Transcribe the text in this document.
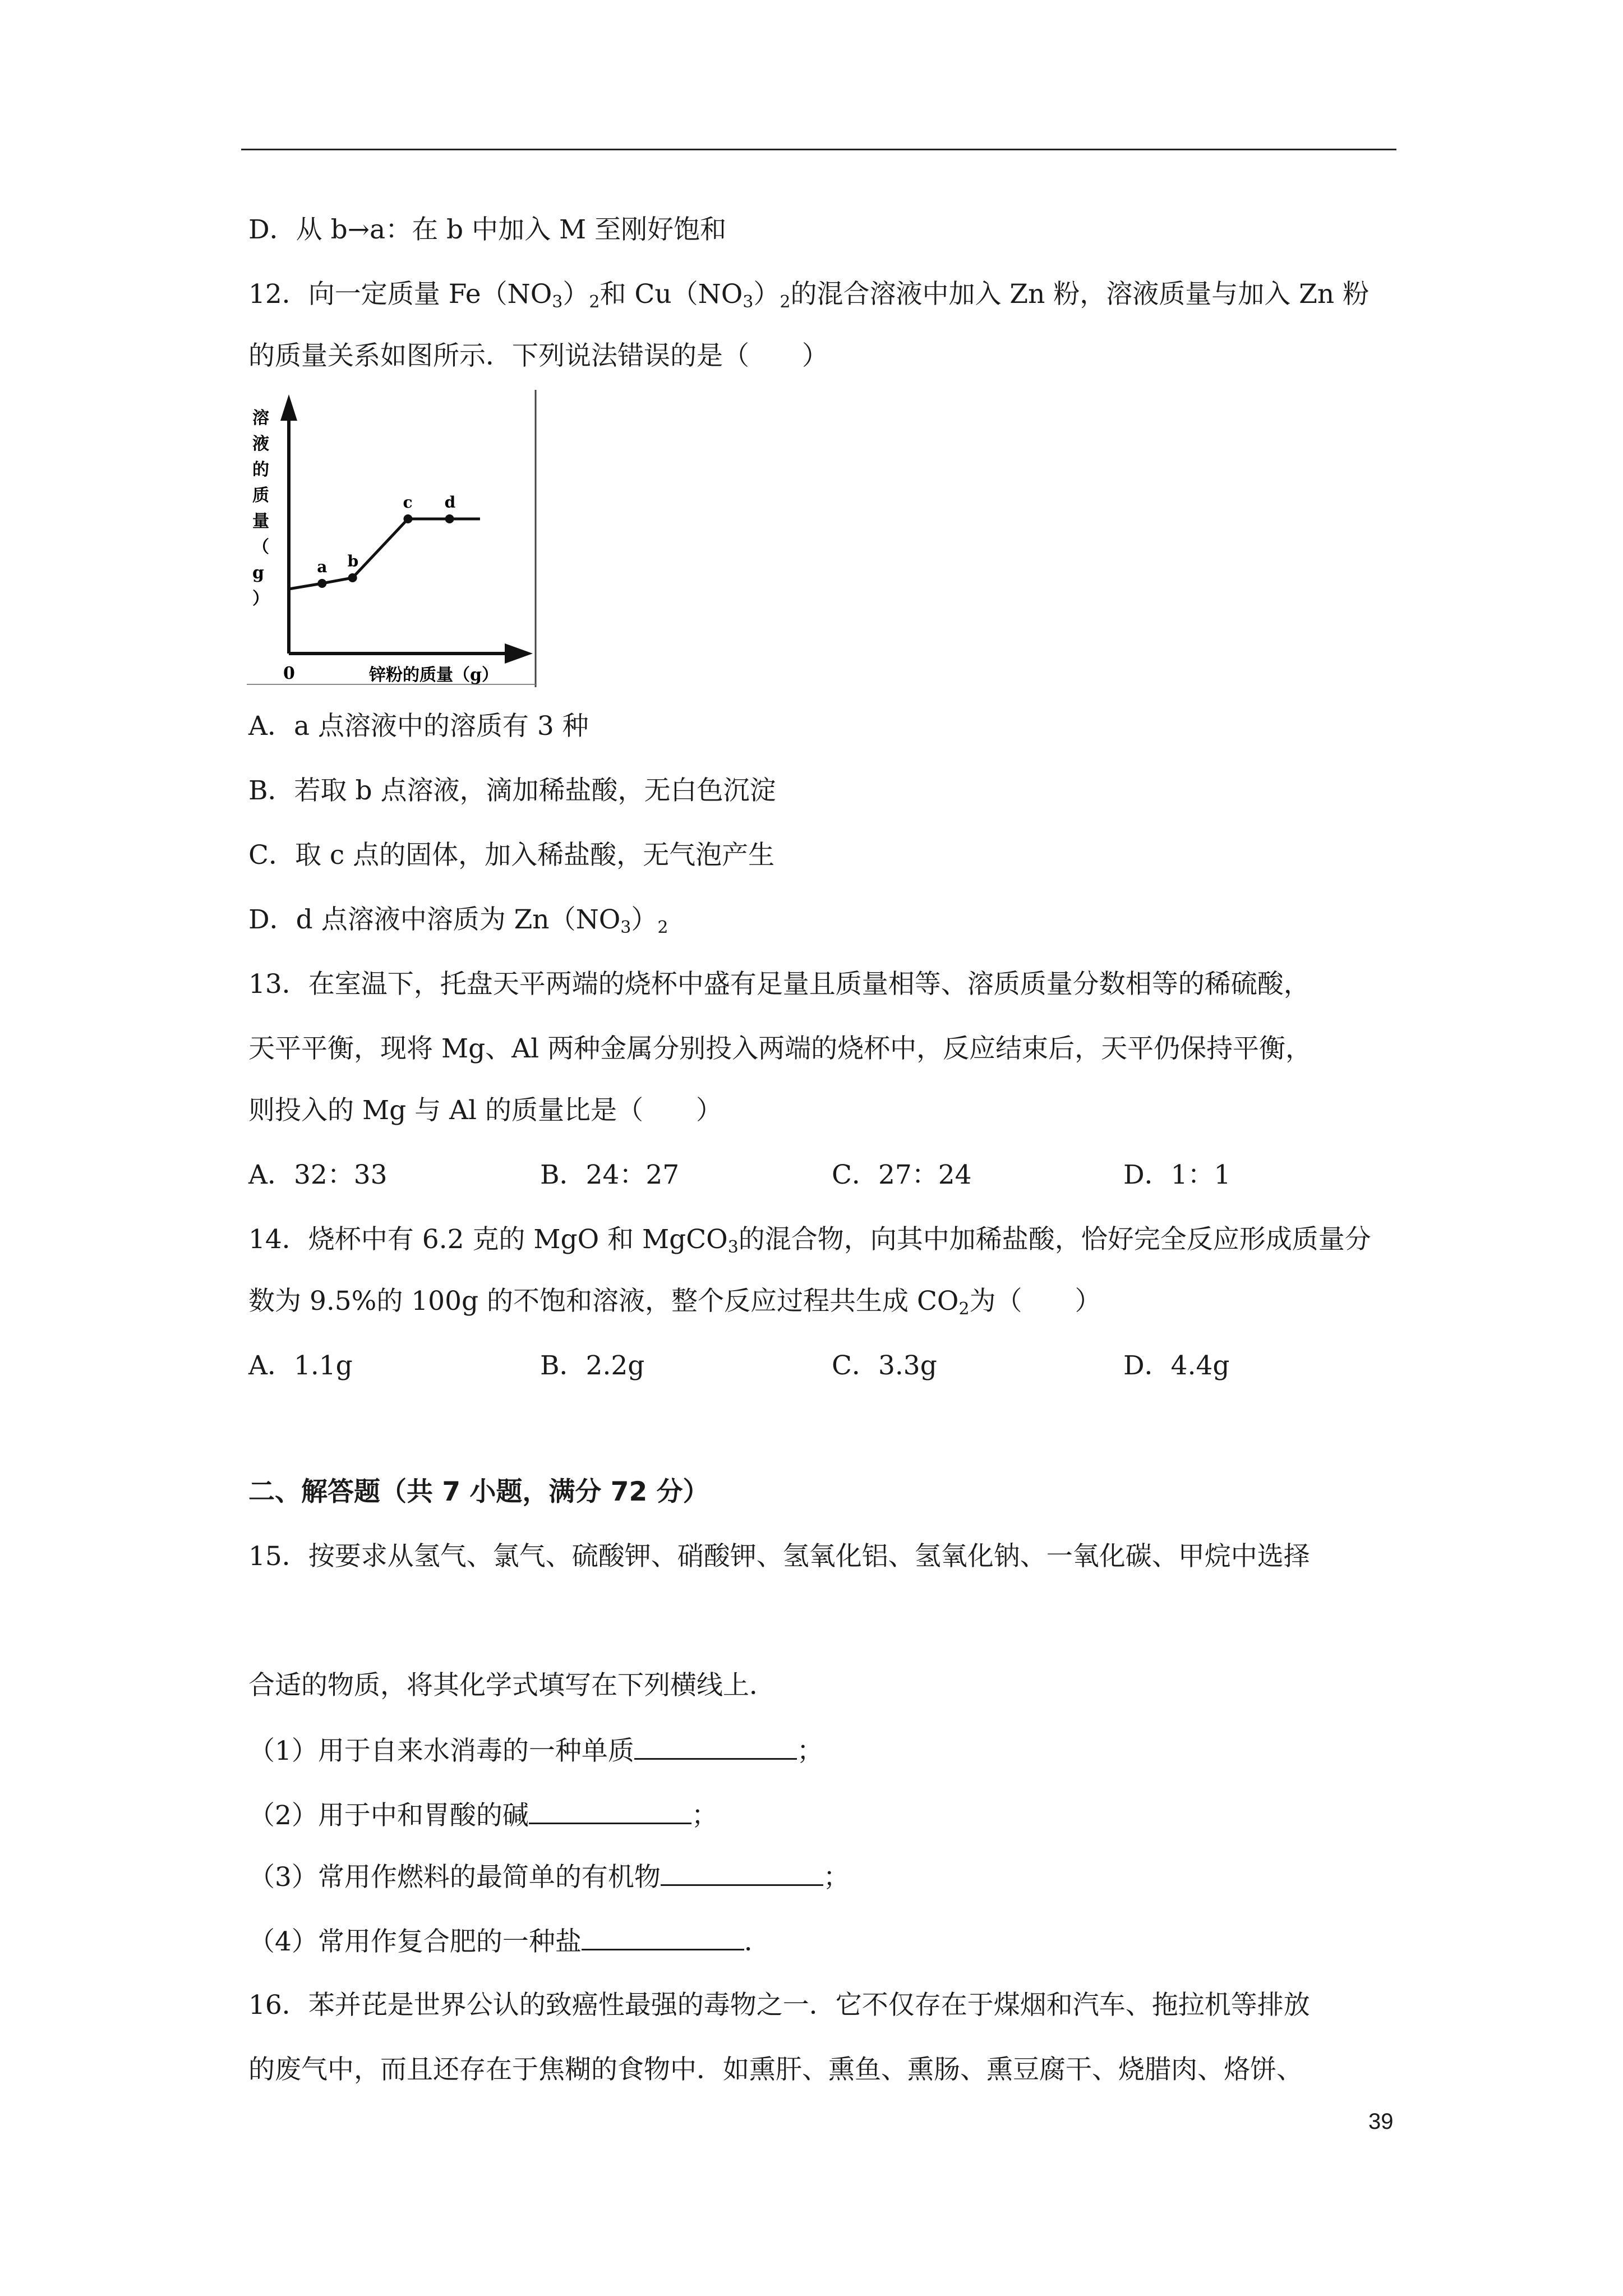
D．从 b→a：在 b 中加入 M 至刚好饱和
12．向一定质量 $Fe(NO_3)_2$和 $Cu(NO_3)_2$的混合溶液中加入 Zn 粉，溶液质量与加入 Zn 粉
的质量关系如图所示．下列说法错误的是（　　）
溶
液
的
质
量
（
g
）
0	锌粉的质量（g）
a b
c d
A．a 点溶液中的溶质有 3 种
B．若取 b 点溶液，滴加稀盐酸，无白色沉淀
C．取 c 点的固体，加入稀盐酸，无气泡产生
D．d 点溶液中溶质为 $Zn(NO_3)_2$
13．在室温下，托盘天平两端的烧杯中盛有足量且质量相等、溶质质量分数相等的稀硫酸，
天平平衡，现将 Mg、Al 两种金属分别投入两端的烧杯中，反应结束后，天平仍保持平衡，
则投入的 Mg 与 Al 的质量比是（　　）
A．32：33	B．24：27	C．27：24	D．1：1
14．烧杯中有 6.2 克的 MgO 和 MgCO$_3$的混合物，向其中加稀盐酸，恰好完全反应形成质量分
数为 9.5%的 100g 的不饱和溶液，整个反应过程共生成 $CO_2$为（　　）
A．1.1g	B．2.2g	C．3.3g	D．4.4g
二、解答题（共 7 小题，满分 72 分）
15．按要求从氢气、氯气、硫酸钾、硝酸钾、氢氧化铝、氢氧化钠、一氧化碳、甲烷中选择
合适的物质，将其化学式填写在下列横线上．
（1）用于自来水消毒的一种单质	；
（2）用于中和胃酸的碱	；
（3）常用作燃料的最简单的有机物	；
（4）常用作复合肥的一种盐	．
16．苯并芘是世界公认的致癌性最强的毒物之一．它不仅存在于煤烟和汽车、拖拉机等排放
的废气中，而且还存在于焦糊的食物中．如熏肝、熏鱼、熏肠、熏豆腐干、烧腊肉、烙饼、
39
